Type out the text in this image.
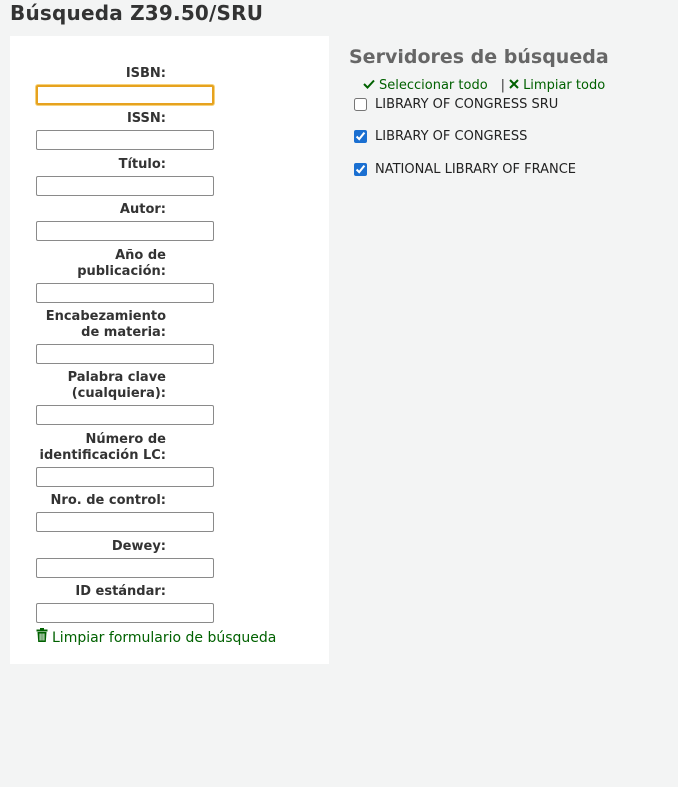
Búsqueda Z39.50/SRU
ISBN:
ISSN:
Título:
Autor:
Año de publicación:
Encabezamiento de materia:
Palabra clave (cualquiera):
Número de identificación LC:
Nro. de control:
Dewey:
ID estándar:
Limpiar formulario de búsqueda
Servidores de búsqueda
Seleccionar todo | Limpiar todo
LIBRARY OF CONGRESS SRU
LIBRARY OF CONGRESS
NATIONAL LIBRARY OF FRANCE
